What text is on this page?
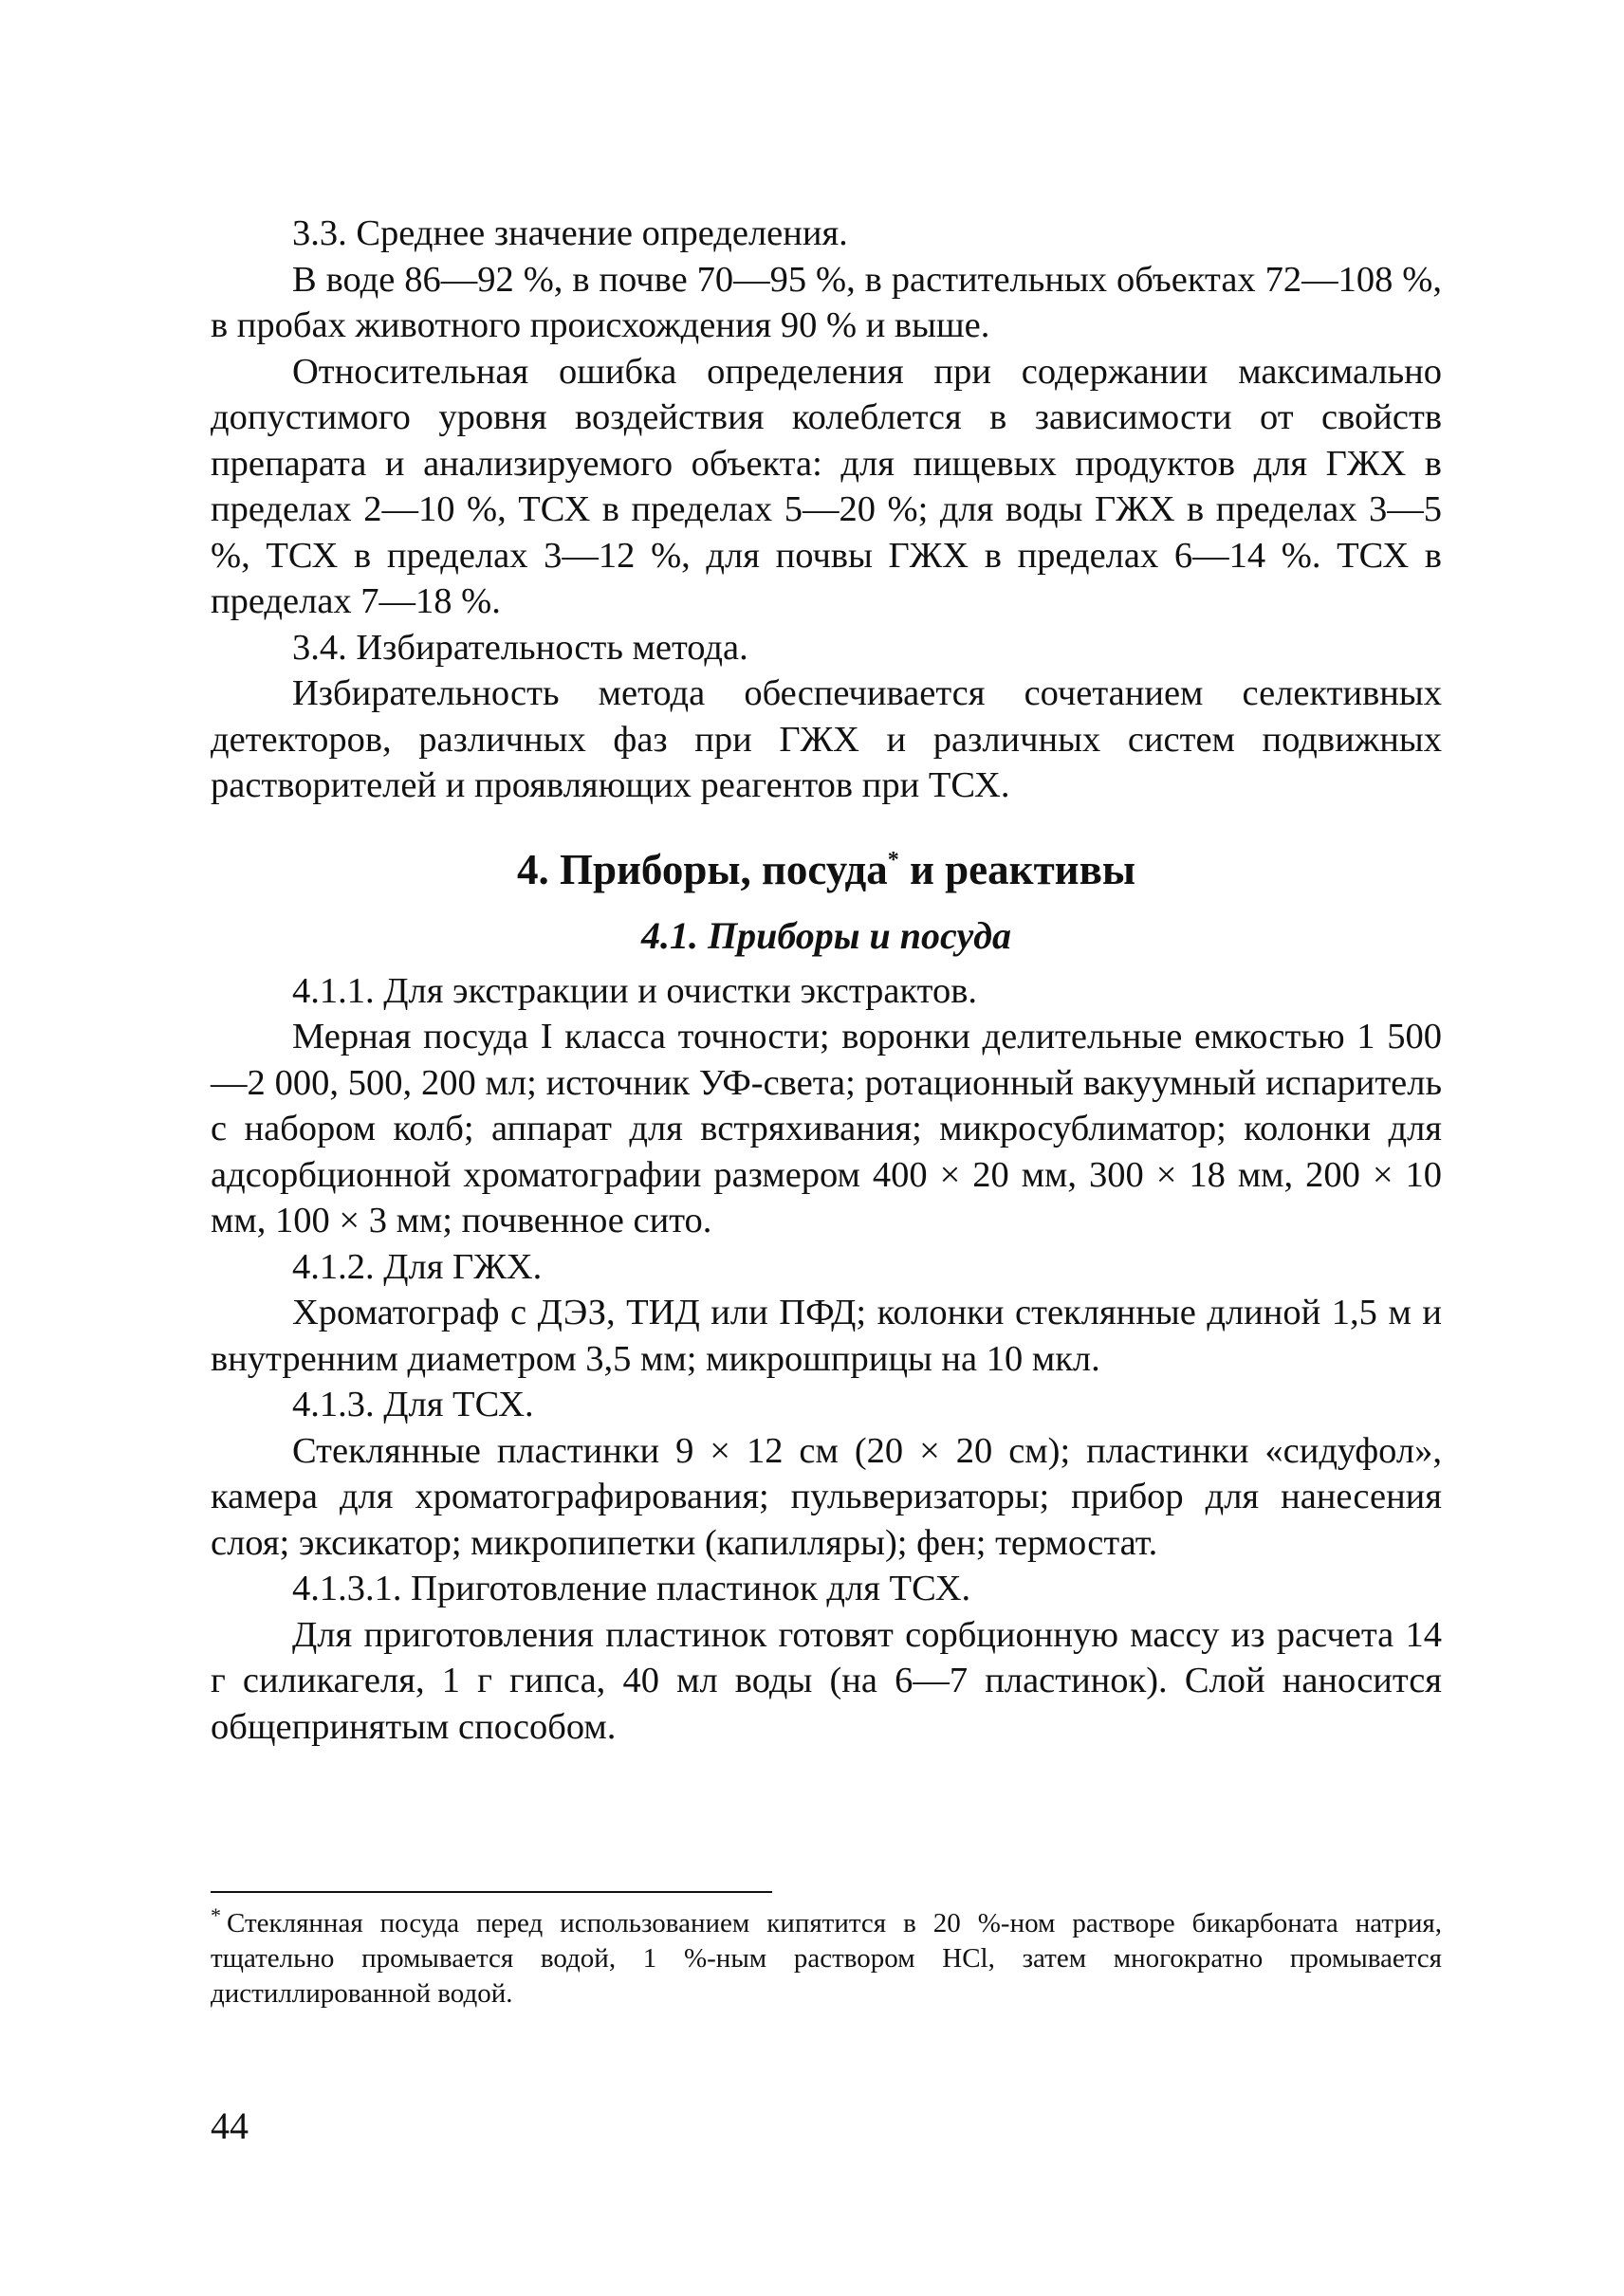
3.3. Среднее значение определения.

В воде 86—92 %, в почве 70—95 %, в растительных объектах 72—108 %, в пробах животного происхождения 90 % и выше.

Относительная ошибка определения при содержании максимально допустимого уровня воздействия колеблется в зависимости от свойств препарата и анализируемого объекта: для пищевых продуктов для ГЖХ в пределах 2—10 %, ТСХ в пределах 5—20 %; для воды ГЖХ в пределах 3—5 %, ТСХ в пределах 3—12 %, для почвы ГЖХ в пределах 6—14 %. ТСХ в пределах 7—18 %.

3.4. Избирательность метода.

Избирательность метода обеспечивается сочетанием селективных детекторов, различных фаз при ГЖХ и различных систем подвижных растворителей и проявляющих реагентов при ТСХ.

4. Приборы, посуда* и реактивы
4.1. Приборы и посуда

4.1.1. Для экстракции и очистки экстрактов.

Мерная посуда I класса точности; воронки делительные емкостью 1 500—2 000, 500, 200 мл; источник УФ-света; ротационный вакуумный испаритель с набором колб; аппарат для встряхивания; микросублиматор; колонки для адсорбционной хроматографии размером 400 × 20 мм, 300 × 18 мм, 200 × 10 мм, 100 × 3 мм; почвенное сито.

4.1.2. Для ГЖХ.

Хроматограф с ДЭЗ, ТИД или ПФД; колонки стеклянные длиной 1,5 м и внутренним диаметром 3,5 мм; микрошприцы на 10 мкл.

4.1.3. Для ТСХ.

Стеклянные пластинки 9 × 12 см (20 × 20 см); пластинки «сидуфол», камера для хроматографирования; пульверизаторы; прибор для нанесения слоя; эксикатор; микропипетки (капилляры); фен; термостат.

4.1.3.1. Приготовление пластинок для ТСХ.

Для приготовления пластинок готовят сорбционную массу из расчета 14 г силикагеля, 1 г гипса, 40 мл воды (на 6—7 пластинок). Слой наносится общепринятым способом.

* Стеклянная посуда перед использованием кипятится в 20 %-ном растворе бикарбоната натрия, тщательно промывается водой, 1 %-ным раствором HCl, затем многократно промывается дистиллированной водой.
44
